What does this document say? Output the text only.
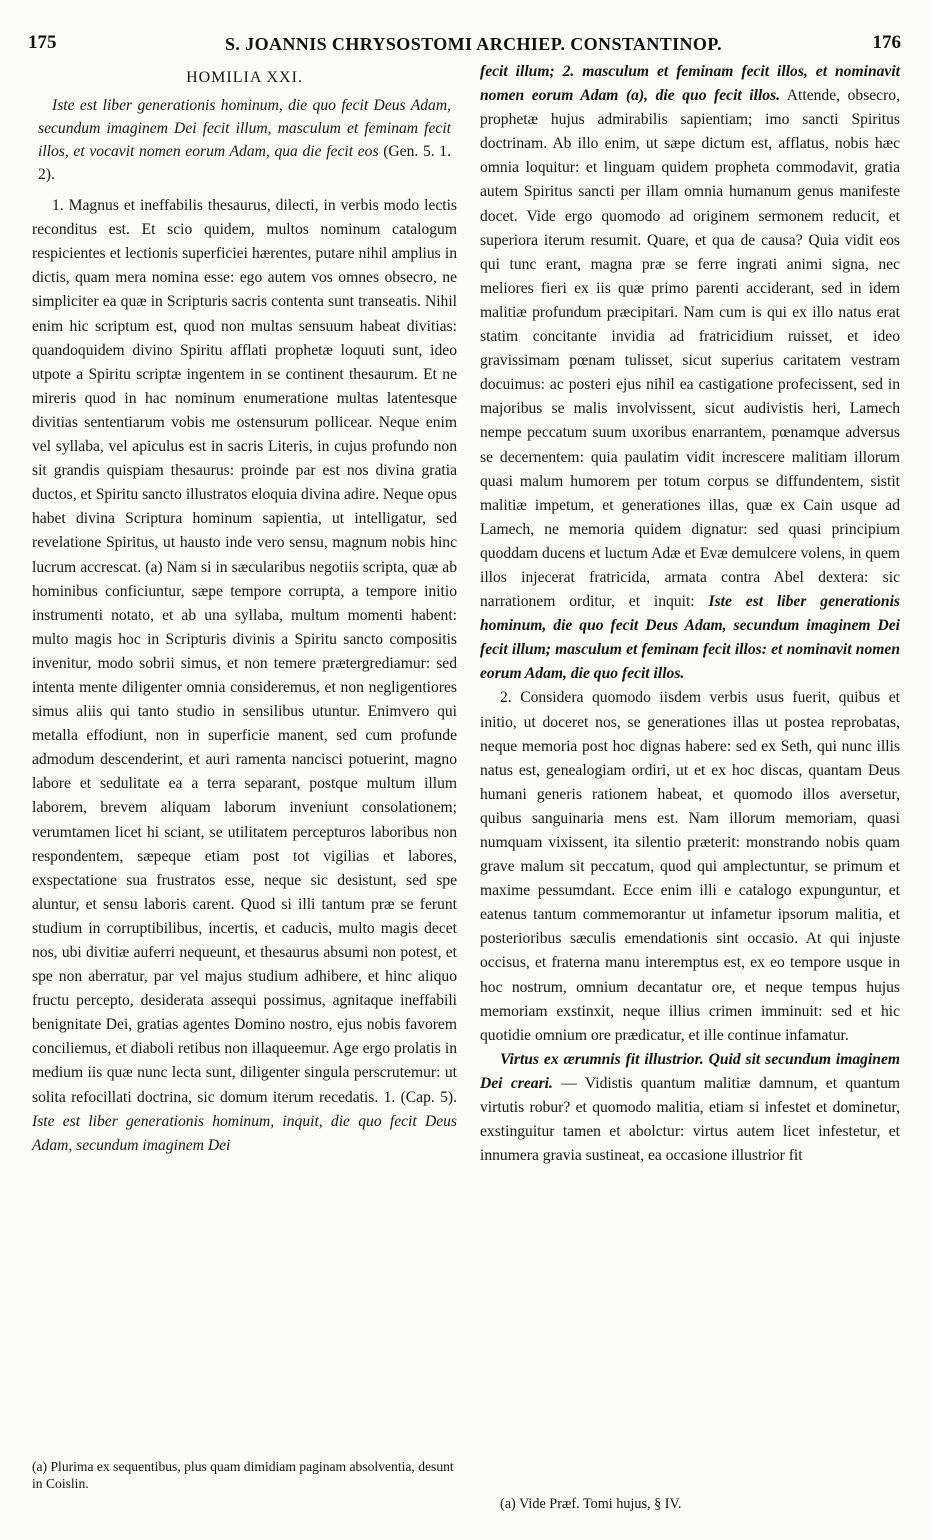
175	S. JOANNIS CHRYSOSTOMI ARCHIEP. CONSTANTINOP.	176
HOMILIA XXI.

Iste est liber generationis hominum, die quo fecit Deus Adam, secundum imaginem Dei fecit illum, masculum et feminam fecit illos, et vocavit nomen eorum Adam, qua die fecit eos (Gen. 5. 1. 2).

1. Magnus et ineffabilis thesaurus, dilecti, in verbis modo lectis reconditus est. Et scio quidem, multos nominum catalogum respicientes et lectionis superficiei hærentes, putare nihil amplius in dictis, quam mera nomina esse: ego autem vos omnes obsecro, ne simpliciter ea quæ in Scripturis sacris contenta sunt transeatis. Nihil enim hic scriptum est, quod non multas sensuum habeat divitias: quandoquidem divino Spiritu afflati prophetæ loquuti sunt, ideo utpote a Spiritu scriptæ ingentem in se continent thesaurum. Et ne mireris quod in hac nominum enumeratione multas latentesque divitias sententiarum vobis me ostensurum pollicear. Neque enim vel syllaba, vel apiculus est in sacris Literis, in cujus profundo non sit grandis quispiam thesaurus: proinde par est nos divina gratia ductos, et Spiritu sancto illustratos eloquia divina adire. Neque opus habet divina Scriptura hominum sapientia, ut intelligatur, sed revelatione Spiritus, ut hausto inde vero sensu, magnum nobis hinc lucrum accrescat. (a) Nam si in sæcularibus negotiis scripta, quæ ab hominibus conficiuntur, sæpe tempore corrupta, a tempore initio instrumenti notato, et ab una syllaba, multum momenti habent: multo magis hoc in Scripturis divinis a Spiritu sancto compositis invenitur, modo sobrii simus, et non temere prætergrediamur: sed intenta mente diligenter omnia consideremus, et non negligentiores simus aliis qui tanto studio in sensilibus utuntur. Enimvero qui metalla effodiunt, non in superficie manent, sed cum profunde admodum descenderint, et auri ramenta nancisci potuerint, magno labore et sedulitate ea a terra separant, postque multum illum laborem, brevem aliquam laborum inveniunt consolationem; verumtamen licet hi sciant, se utilitatem percepturos laboribus non respondentem, sæpeque etiam post tot vigilias et labores, exspectatione sua frustratos esse, neque sic desistunt, sed spe aluntur, et sensu laboris carent. Quod si illi tantum præ se ferunt studium in corruptibilibus, incertis, et caducis, multo magis decet nos, ubi divitiæ auferri nequeunt, et thesaurus absumi non potest, et spe non aberratur, par vel majus studium adhibere, et hinc aliquo fructu percepto, desiderata assequi possimus, agnitaque ineffabili benignitate Dei, gratias agentes Domino nostro, ejus nobis favorem conciliemus, et diaboli retibus non illaqueemur. Age ergo prolatis in medium iis quæ nunc lecta sunt, diligenter singula perscrutemur: ut solita refocillati doctrina, sic domum iterum recedatis. 1. (Cap. 5). Iste est liber generationis hominum, inquit, die quo fecit Deus Adam, secundum imaginem Dei

(a) Plurima ex sequentibus, plus quam dimidiam paginam absolventia, desunt in Coislin.

fecit illum; 2. masculum et feminam fecit illos, et nominavit nomen eorum Adam (a), die quo fecit illos. Attende, obsecro, prophetæ hujus admirabilis sapientiam; imo sancti Spiritus doctrinam. Ab illo enim, ut sæpe dictum est, afflatus, nobis hæc omnia loquitur: et linguam quidem propheta commodavit, gratia autem Spiritus sancti per illam omnia humanum genus manifeste docet. Vide ergo quomodo ad originem sermonem reducit, et superiora iterum resumit. Quare, et qua de causa? Quia vidit eos qui tunc erant, magna præ se ferre ingrati animi signa, nec meliores fieri ex iis quæ primo parenti acciderant, sed in idem malitiæ profundum præcipitari. Nam cum is qui ex illo natus erat statim concitante invidia ad fratricidium ruisset, et ideo gravissimam pœnam tulisset, sicut superius caritatem vestram docuimus: ac posteri ejus nihil ea castigatione profecissent, sed in majoribus se malis involvissent, sicut audivistis heri, Lamech nempe peccatum suum uxoribus enarrantem, pœnamque adversus se decernentem: quia paulatim vidit increscere malitiam illorum quasi malum humorem per totum corpus se diffundentem, sistit malitiæ impetum, et generationes illas, quæ ex Cain usque ad Lamech, ne memoria quidem dignatur: sed quasi principium quoddam ducens et luctum Adæ et Evæ demulcere volens, in quem illos injecerat fratricida, armata contra Abel dextera: sic narrationem orditur, et inquit: Iste est liber generationis hominum, die quo fecit Deus Adam, secundum imaginem Dei fecit illum; masculum et feminam fecit illos: et nominavit nomen eorum Adam, die quo fecit illos.

2. Considera quomodo iisdem verbis usus fuerit, quibus et initio, ut doceret nos, se generationes illas ut postea reprobatas, neque memoria post hoc dignas habere: sed ex Seth, qui nunc illis natus est, genealogiam ordiri, ut et ex hoc discas, quantam Deus humani generis rationem habeat, et quomodo illos aversetur, quibus sanguinaria mens est. Nam illorum memoriam, quasi numquam vixissent, ita silentio præterit: monstrando nobis quam grave malum sit peccatum, quod qui amplectuntur, se primum et maxime pessumdant. Ecce enim illi e catalogo expunguntur, et eatenus tantum commemorantur ut infametur ipsorum malitia, et posterioribus sæculis emendationis sint occasio. At qui injuste occisus, et fraterna manu interemptus est, ex eo tempore usque in hoc nostrum, omnium decantatur ore, et neque tempus hujus memoriam exstinxit, neque illius crimen imminuit: sed et hic quotidie omnium ore prædicatur, et ille continue infamatur.

Virtus ex ærumnis fit illustrior. Quid sit secundum imaginem Dei creari. — Vidistis quantum malitiæ damnum, et quantum virtutis robur? et quomodo malitia, etiam si infestet et dominetur, exstinguitur tamen et abolctur: virtus autem licet infestetur, et innumera gravia sustineat, ea occasione illustrior fit

(a) Vide Præf. Tomi hujus, § IV.
